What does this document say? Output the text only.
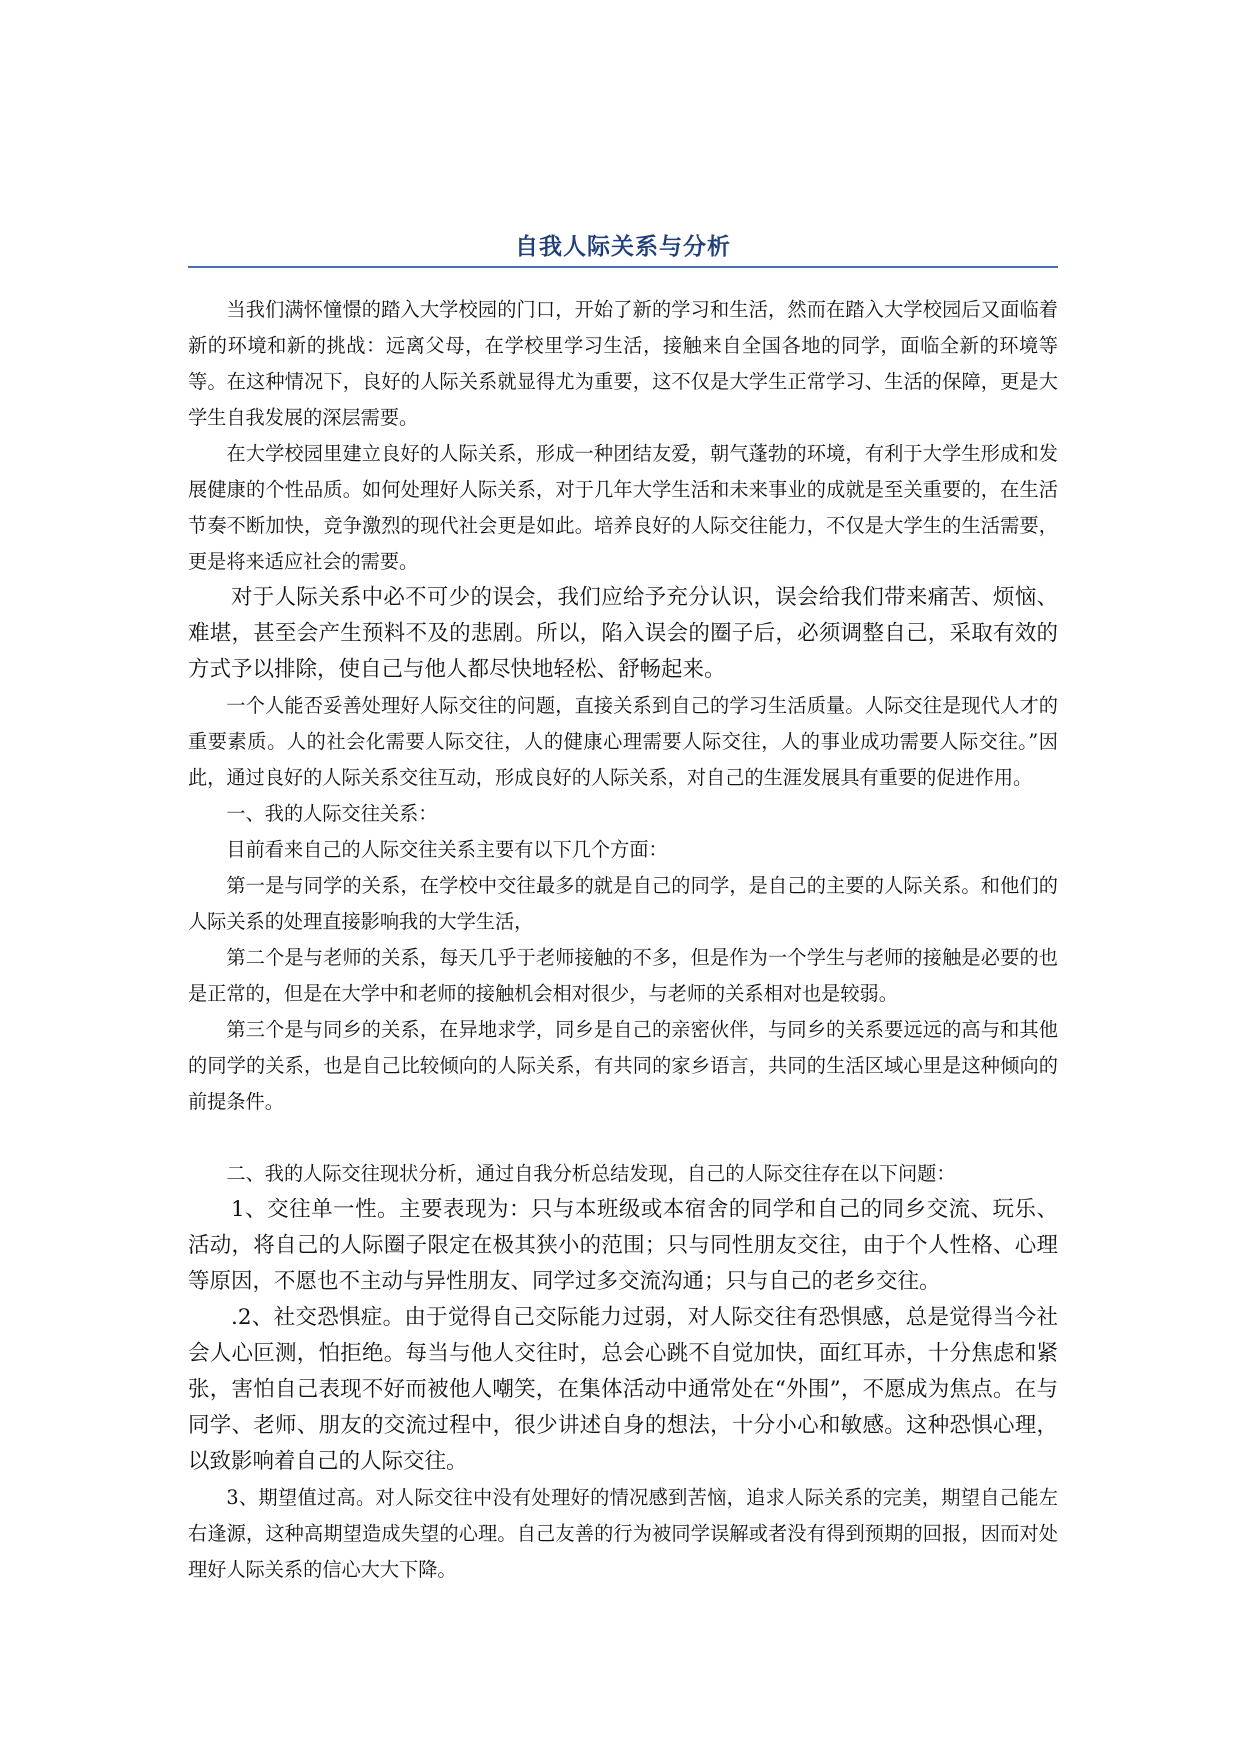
自我人际关系与分析

当我们满怀憧憬的踏入大学校园的门口，开始了新的学习和生活，然而在踏入大学校园后又面临着新的环境和新的挑战：远离父母，在学校里学习生活，接触来自全国各地的同学，面临全新的环境等等。在这种情况下，良好的人际关系就显得尤为重要，这不仅是大学生正常学习、生活的保障，更是大学生自我发展的深层需要。

在大学校园里建立良好的人际关系，形成一种团结友爱，朝气蓬勃的环境，有利于大学生形成和发展健康的个性品质。如何处理好人际关系，对于几年大学生活和未来事业的成就是至关重要的，在生活节奏不断加快，竞争激烈的现代社会更是如此。培养良好的人际交往能力，不仅是大学生的生活需要，更是将来适应社会的需要。

对于人际关系中必不可少的误会，我们应给予充分认识，误会给我们带来痛苦、烦恼、难堪，甚至会产生预料不及的悲剧。所以，陷入误会的圈子后，必须调整自己，采取有效的方式予以排除，使自己与他人都尽快地轻松、舒畅起来。

一个人能否妥善处理好人际交往的问题，直接关系到自己的学习生活质量。人际交往是现代人才的重要素质。人的社会化需要人际交往，人的健康心理需要人际交往，人的事业成功需要人际交往。”因此，通过良好的人际关系交往互动，形成良好的人际关系，对自己的生涯发展具有重要的促进作用。

一、我的人际交往关系：

目前看来自己的人际交往关系主要有以下几个方面：

第一是与同学的关系，在学校中交往最多的就是自己的同学，是自己的主要的人际关系。和他们的人际关系的处理直接影响我的大学生活，

第二个是与老师的关系，每天几乎于老师接触的不多，但是作为一个学生与老师的接触是必要的也是正常的，但是在大学中和老师的接触机会相对很少，与老师的关系相对也是较弱。

第三个是与同乡的关系，在异地求学，同乡是自己的亲密伙伴，与同乡的关系要远远的高与和其他的同学的关系，也是自己比较倾向的人际关系，有共同的家乡语言，共同的生活区域心里是这种倾向的前提条件。

二、我的人际交往现状分析，通过自我分析总结发现，自己的人际交往存在以下问题：

1、交往单一性。主要表现为：只与本班级或本宿舍的同学和自己的同乡交流、玩乐、活动，将自己的人际圈子限定在极其狭小的范围；只与同性朋友交往，由于个人性格、心理等原因，不愿也不主动与异性朋友、同学过多交流沟通；只与自己的老乡交往。

.2、社交恐惧症。由于觉得自己交际能力过弱，对人际交往有恐惧感，总是觉得当今社会人心叵测，怕拒绝。每当与他人交往时，总会心跳不自觉加快，面红耳赤，十分焦虑和紧张，害怕自己表现不好而被他人嘲笑，在集体活动中通常处在“外围”，不愿成为焦点。在与同学、老师、朋友的交流过程中，很少讲述自身的想法，十分小心和敏感。这种恐惧心理，以致影响着自己的人际交往。

3、期望值过高。对人际交往中没有处理好的情况感到苦恼，追求人际关系的完美，期望自己能左右逢源，这种高期望造成失望的心理。自己友善的行为被同学误解或者没有得到预期的回报，因而对处理好人际关系的信心大大下降。
